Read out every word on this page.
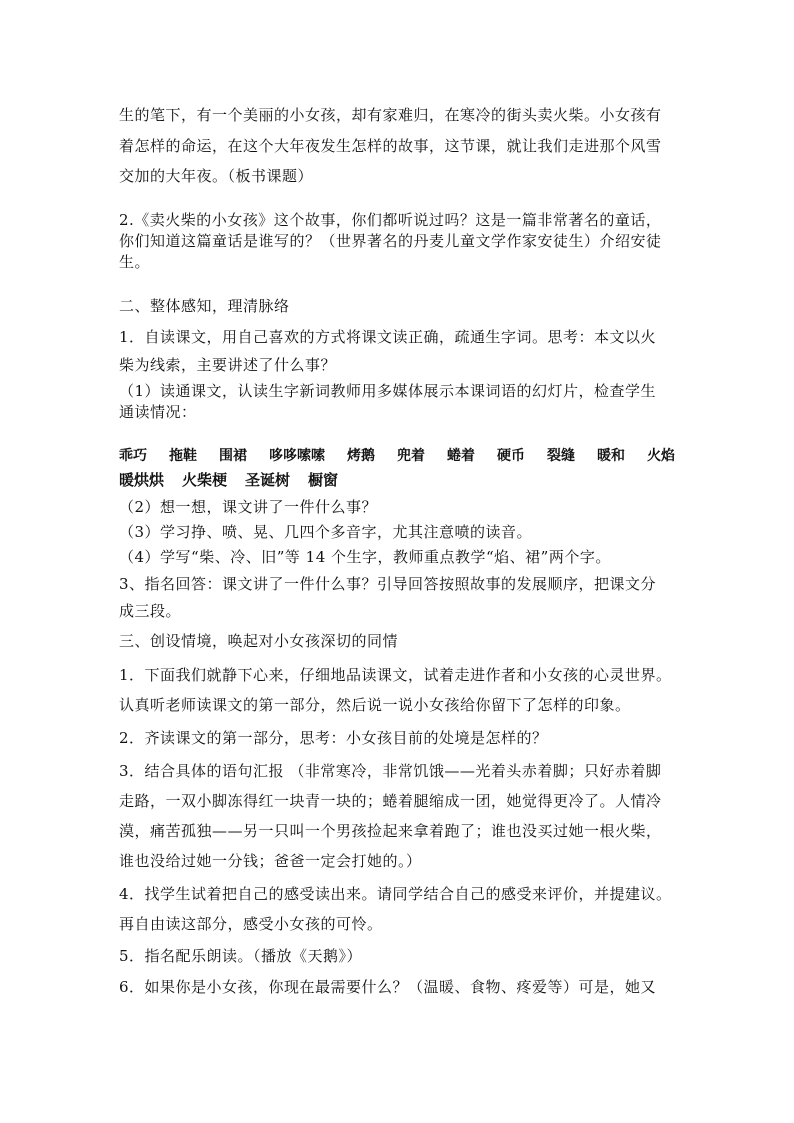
生的笔下，有一个美丽的小女孩，却有家难归，在寒冷的街头卖火柴。小女孩有
着怎样的命运，在这个大年夜发生怎样的故事，这节课，就让我们走进那个风雪
交加的大年夜。（板书课题）
2.《卖火柴的小女孩》这个故事，你们都听说过吗？这是一篇非常著名的童话，
你们知道这篇童话是谁写的？（世界著名的丹麦儿童文学作家安徒生）介绍安徒
生。
二、整体感知，理清脉络
1．自读课文，用自己喜欢的方式将课文读正确，疏通生字词。思考：本文以火
柴为线索，主要讲述了什么事？
（1）读通课文，认读生字新词教师用多媒体展示本课词语的幻灯片，检查学生
通读情况：
乖巧 拖鞋 围裙 哆哆嗦嗦 烤鹅 兜着 蜷着 硬币 裂缝 暖和 火焰
暖烘烘 火柴梗 圣诞树 橱窗
（2）想一想，课文讲了一件什么事？
（3）学习挣、喷、晃、几四个多音字，尤其注意喷的读音。
（4）学写“柴、冷、旧”等 14 个生字，教师重点教学“焰、裙”两个字。
3、指名回答：课文讲了一件什么事？引导回答按照故事的发展顺序，把课文分
成三段。
三、创设情境，唤起对小女孩深切的同情
1．下面我们就静下心来，仔细地品读课文，试着走进作者和小女孩的心灵世界。
认真听老师读课文的第一部分，然后说一说小女孩给你留下了怎样的印象。
2．齐读课文的第一部分，思考：小女孩目前的处境是怎样的？
3．结合具体的语句汇报 （非常寒冷，非常饥饿——光着头赤着脚；只好赤着脚
走路，一双小脚冻得红一块青一块的；蜷着腿缩成一团，她觉得更冷了。人情冷
漠，痛苦孤独——另一只叫一个男孩捡起来拿着跑了；谁也没买过她一根火柴，
谁也没给过她一分钱；爸爸一定会打她的。）
4．找学生试着把自己的感受读出来。请同学结合自己的感受来评价，并提建议。
再自由读这部分，感受小女孩的可怜。
5．指名配乐朗读。（播放《天鹅》）
6．如果你是小女孩，你现在最需要什么？（温暖、食物、疼爱等）可是，她又
